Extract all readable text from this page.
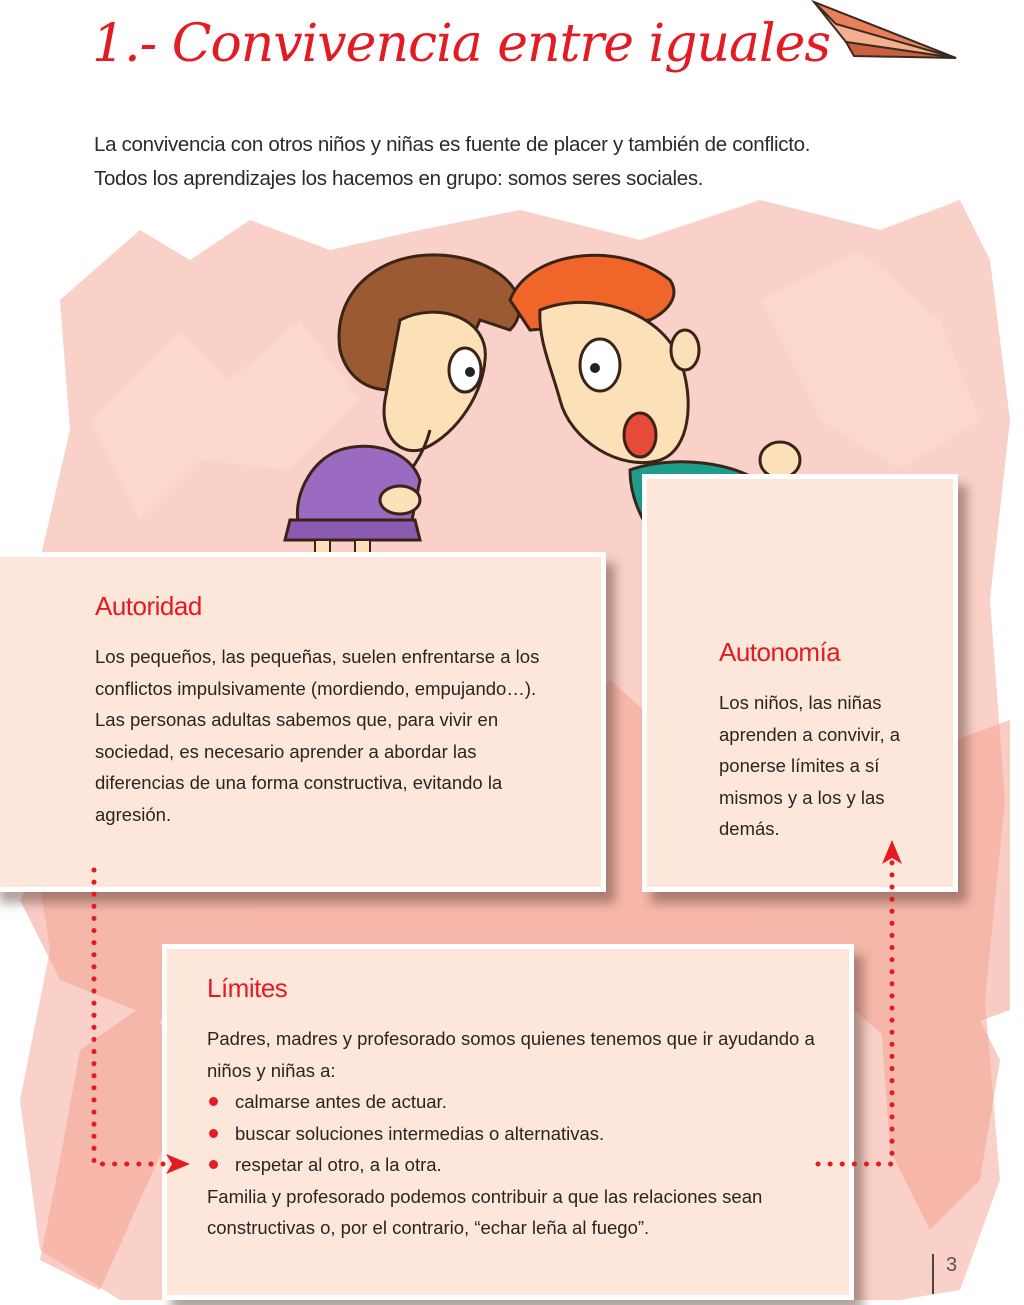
1.- Convivencia entre iguales

La convivencia con otros niños y niñas es fuente de placer y también de conflicto.

Todos los aprendizajes los hacemos en grupo: somos seres sociales.

Autoridad

Los pequeños, las pequeñas, suelen enfrentarse a los conflictos impulsivamente (mordiendo, empujando…).

Las personas adultas sabemos que, para vivir en sociedad, es necesario aprender a abordar las diferencias de una forma constructiva, evitando la agresión.

Autonomía

Los niños, las niñas aprenden a convivir, a ponerse límites a sí mismos y a los y las demás.

Límites

Padres, madres y profesorado somos quienes tenemos que ir ayudando a niños y niñas a:

calmarse antes de actuar.
buscar soluciones intermedias o alternativas.
respetar al otro, a la otra.

Familia y profesorado podemos contribuir a que las relaciones sean constructivas o, por el contrario, “echar leña al fuego”.

3
